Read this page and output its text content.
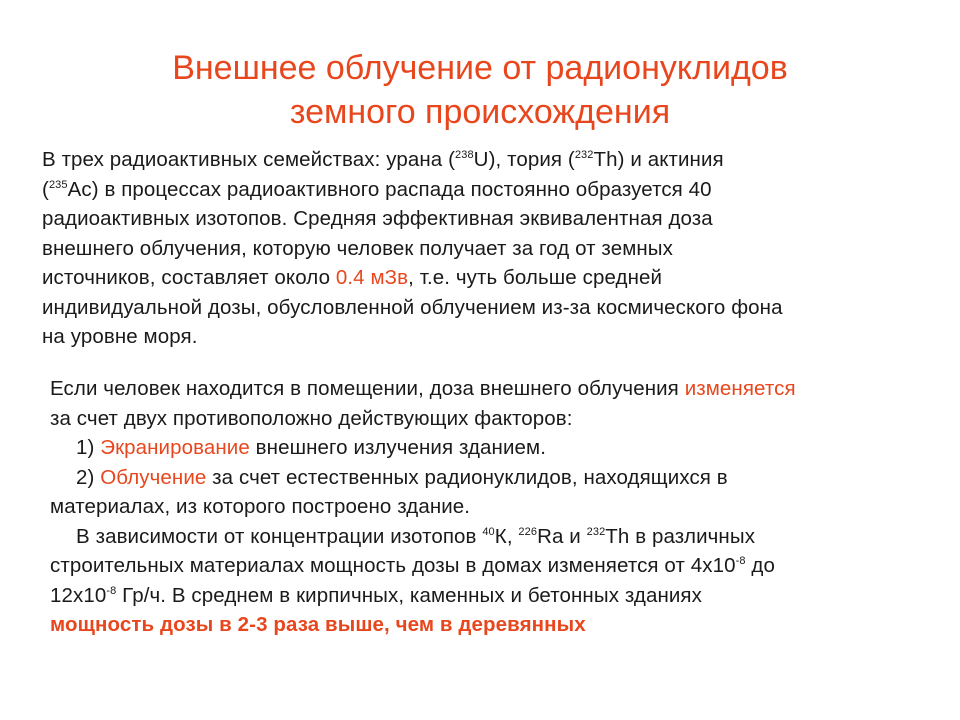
Внешнее облучение от радионуклидов
земного происхождения
В трех радиоактивных семействах: урана ($^{238}$U), тория ($^{232}$Th) и актиния
($^{235}$Ac) в процессах радиоактивного распада постоянно образуется 40
радиоактивных изотопов. Средняя эффективная эквивалентная доза
внешнего облучения, которую человек получает за год от земных
источников, составляет около 0.4 мЗв, т.е. чуть больше средней
индивидуальной дозы, обусловленной облучением из-за космического фона
на уровне моря.
Если человек находится в помещении, доза внешнего облучения изменяется
за счет двух противоположно действующих факторов:
1) Экранирование внешнего излучения зданием.
2) Облучение за счет естественных радионуклидов, находящихся в
материалах, из которого построено здание.
В зависимости от концентрации изотопов $^{40}$К, $^{226}$Ra и $^{232}$Th в различных
строительных материалах мощность дозы в домах изменяется от $4х10^{-8}$ до
$12х10^{-8}$ Гр/ч. В среднем в кирпичных, каменных и бетонных зданиях
мощность дозы в 2-3 раза выше, чем в деревянных
